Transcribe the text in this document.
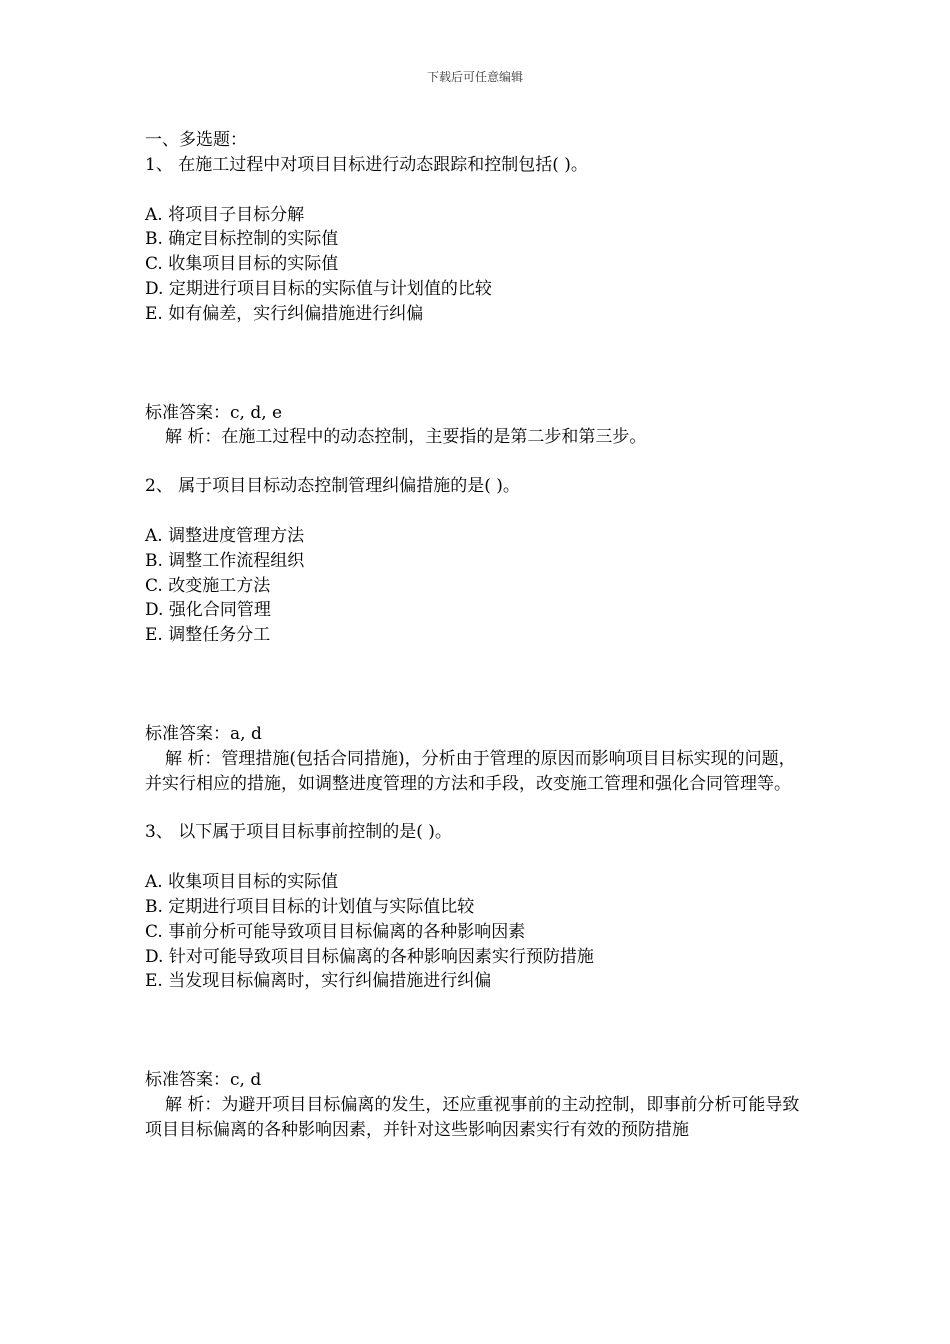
下载后可任意编辑
一、多选题：
1、 在施工过程中对项目目标进行动态跟踪和控制包括( )。
A. 将项目子目标分解
B. 确定目标控制的实际值
C. 收集项目目标的实际值
D. 定期进行项目目标的实际值与计划值的比较
E. 如有偏差，实行纠偏措施进行纠偏
标准答案：c, d, e
解 析：在施工过程中的动态控制，主要指的是第二步和第三步。
2、 属于项目目标动态控制管理纠偏措施的是( )。
A. 调整进度管理方法
B. 调整工作流程组织
C. 改变施工方法
D. 强化合同管理
E. 调整任务分工
标准答案：a, d
解 析：管理措施(包括合同措施)，分析由于管理的原因而影响项目目标实现的问题，并实行相应的措施，如调整进度管理的方法和手段，改变施工管理和强化合同管理等。
3、 以下属于项目目标事前控制的是( )。
A. 收集项目目标的实际值
B. 定期进行项目目标的计划值与实际值比较
C. 事前分析可能导致项目目标偏离的各种影响因素
D. 针对可能导致项目目标偏离的各种影响因素实行预防措施
E. 当发现目标偏离时，实行纠偏措施进行纠偏
标准答案：c, d
解 析：为避开项目目标偏离的发生，还应重视事前的主动控制，即事前分析可能导致项目目标偏离的各种影响因素，并针对这些影响因素实行有效的预防措施
